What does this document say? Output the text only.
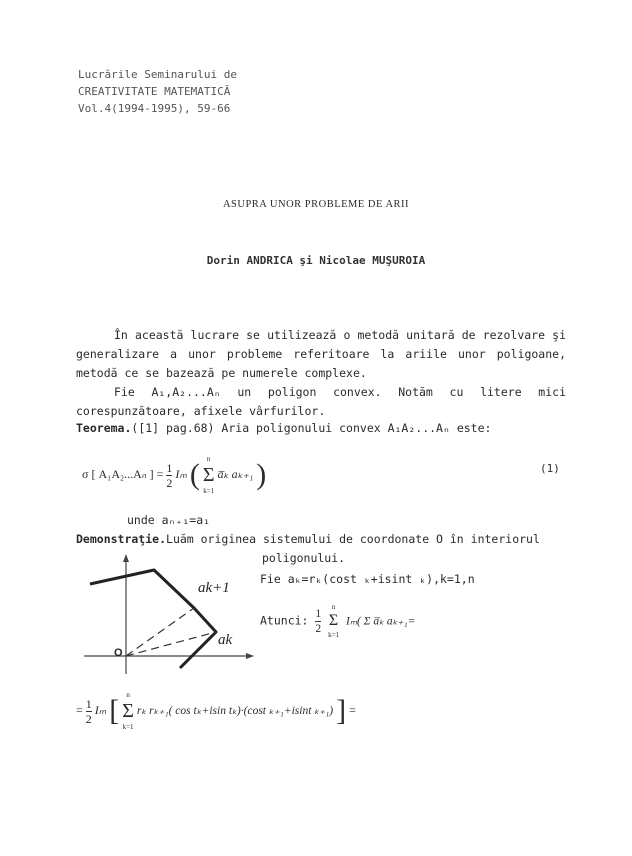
Lucrările Seminarului de
CREATIVITATE MATEMATICĂ
Vol.4(1994-1995), 59-66
ASUPRA UNOR PROBLEME DE ARII
Dorin ANDRICA şi Nicolae MUŞUROIA
În această lucrare se utilizează o metodă unitară de rezolvare şi generalizare a unor probleme referitoare la ariile unor poligoane, metodă ce se bazează pe numerele complexe.
Fie A₁,A₂...Aₙ un poligon convex. Notăm cu litere mici corespunzătoare, afixele vârfurilor.
Teorema.([1] pag.68) Aria poligonului convex A₁A₂...Aₙ este:
σ [ A₁A₂...Aₙ ] = $\frac{1}{2}$ Iₘ (	n
Σ
k=1
a̅ₖ aₖ₊₁ )	(1)
unde aₙ₊₁=a₁
Demonstraţie.Luăm originea sistemului de coordonate O în interiorul
poligonului.
Fie aₖ=rₖ(cost ₖ+isint ₖ),k=1,n
Atunci: $\frac{1}{2}$
	n
Σ
k=1
Iₘ( Σ a̅ₖ aₖ₊₁=
ak+1
ak
O
= $\frac{1}{2}$ Iₘ [	n
Σ
k=1
rₖ rₖ₊₁( cos tₖ+isin tₖ)·(cost ₖ₊₁+isint ₖ₊₁) ] =
